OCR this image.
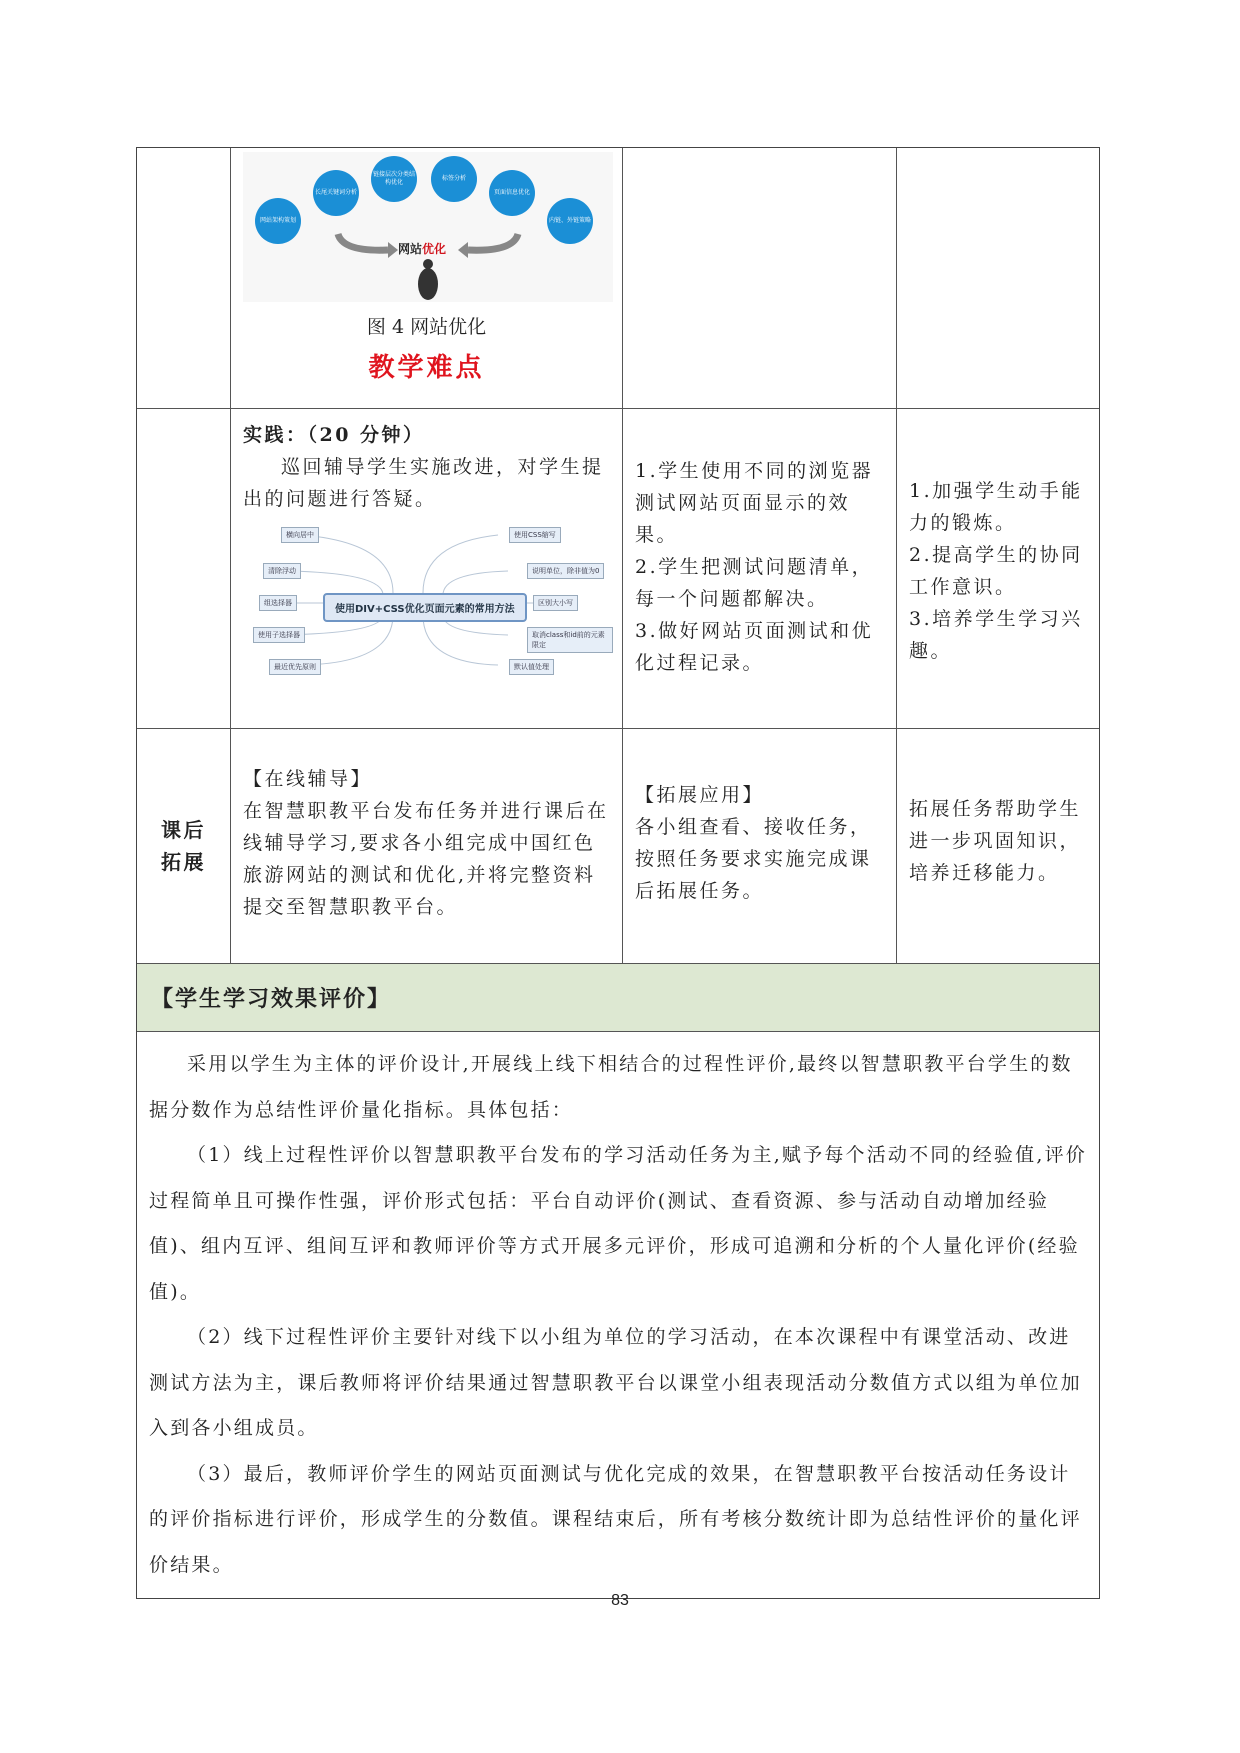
网站架构策划
长尾关键词分析
链接层次分类结构优化
标签分析
页面信息优化
内链、外链策略
网站优化
图 4 网站优化
教学难点
实践：（20 分钟）
巡回辅导学生实施改进，对学生提出的问题进行答疑。
横向居中
清除浮动
组选择器
使用子选择器
最近优先原则
使用DIV+CSS优化页面元素的常用方法
使用CSS缩写
说明单位，除非值为0
区别大小写
取消class和id前的元素限定
默认值处理
1.学生使用不同的浏览器测试网站页面显示的效果。
2.学生把测试问题清单，每一个问题都解决。
3.做好网站页面测试和优化过程记录。
1.加强学生动手能力的锻炼。
2.提高学生的协同工作意识。
3.培养学生学习兴趣。
课后
拓展
【在线辅导】
在智慧职教平台发布任务并进行课后在线辅导学习,要求各小组完成中国红色旅游网站的测试和优化,并将完整资料提交至智慧职教平台。
【拓展应用】
各小组查看、接收任务，按照任务要求实施完成课后拓展任务。
拓展任务帮助学生进一步巩固知识，培养迁移能力。
【学生学习效果评价】

采用以学生为主体的评价设计,开展线上线下相结合的过程性评价,最终以智慧职教平台学生的数据分数作为总结性评价量化指标。具体包括：

（1）线上过程性评价以智慧职教平台发布的学习活动任务为主,赋予每个活动不同的经验值,评价过程简单且可操作性强，评价形式包括：平台自动评价(测试、查看资源、参与活动自动增加经验值)、组内互评、组间互评和教师评价等方式开展多元评价，形成可追溯和分析的个人量化评价(经验值)。

（2）线下过程性评价主要针对线下以小组为单位的学习活动，在本次课程中有课堂活动、改进测试方法为主，课后教师将评价结果通过智慧职教平台以课堂小组表现活动分数值方式以组为单位加入到各小组成员。

（3）最后，教师评价学生的网站页面测试与优化完成的效果，在智慧职教平台按活动任务设计的评价指标进行评价，形成学生的分数值。课程结束后，所有考核分数统计即为总结性评价的量化评价结果。

83
